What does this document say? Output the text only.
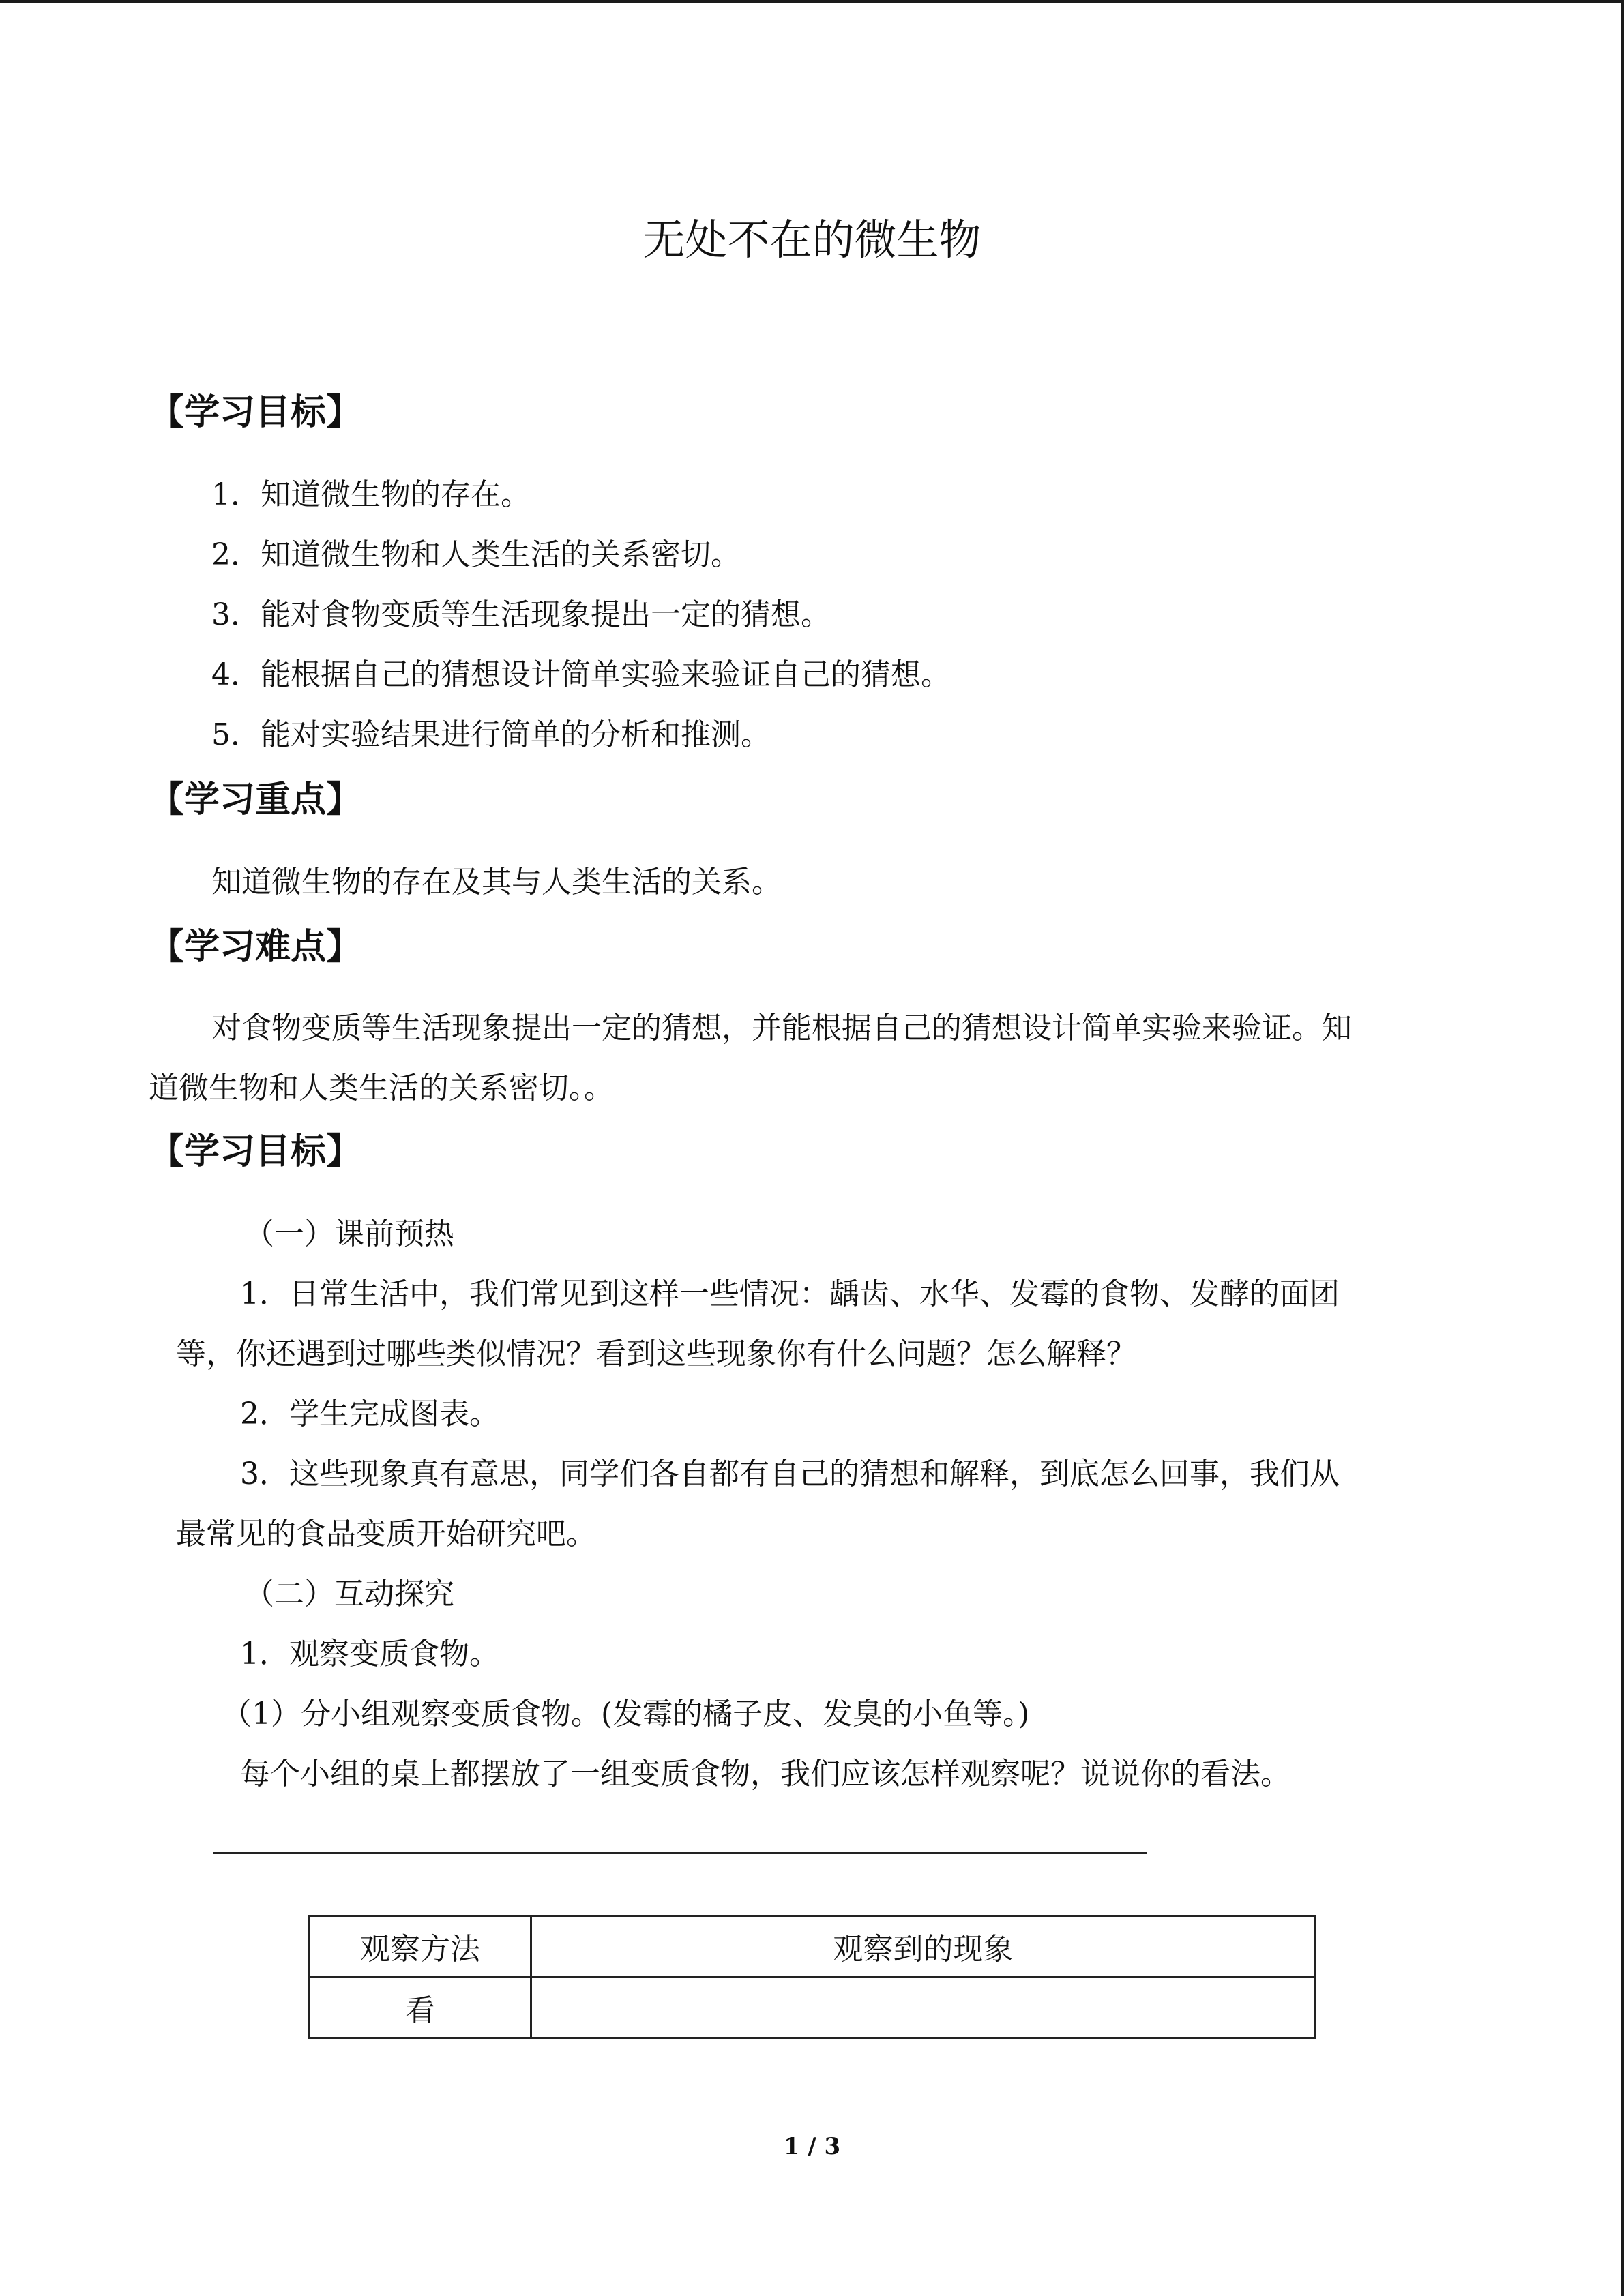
无处不在的微生物
【学习目标】
1．知道微生物的存在。
2．知道微生物和人类生活的关系密切。
3．能对食物变质等生活现象提出一定的猜想。
4．能根据自己的猜想设计简单实验来验证自己的猜想。
5．能对实验结果进行简单的分析和推测。
【学习重点】
知道微生物的存在及其与人类生活的关系。
【学习难点】
对食物变质等生活现象提出一定的猜想，并能根据自己的猜想设计简单实验来验证。知
道微生物和人类生活的关系密切。。
【学习目标】
（一）课前预热
1．日常生活中，我们常见到这样一些情况：龋齿、水华、发霉的食物、发酵的面团
等，你还遇到过哪些类似情况？看到这些现象你有什么问题？怎么解释？
2．学生完成图表。
3．这些现象真有意思，同学们各自都有自己的猜想和解释，到底怎么回事，我们从
最常见的食品变质开始研究吧。
（二）互动探究
1．观察变质食物。
（1）分小组观察变质食物。(发霉的橘子皮、发臭的小鱼等。)
每个小组的桌上都摆放了一组变质食物，我们应该怎样观察呢？说说你的看法。
观察方法	观察到的现象
看	
1 / 3
